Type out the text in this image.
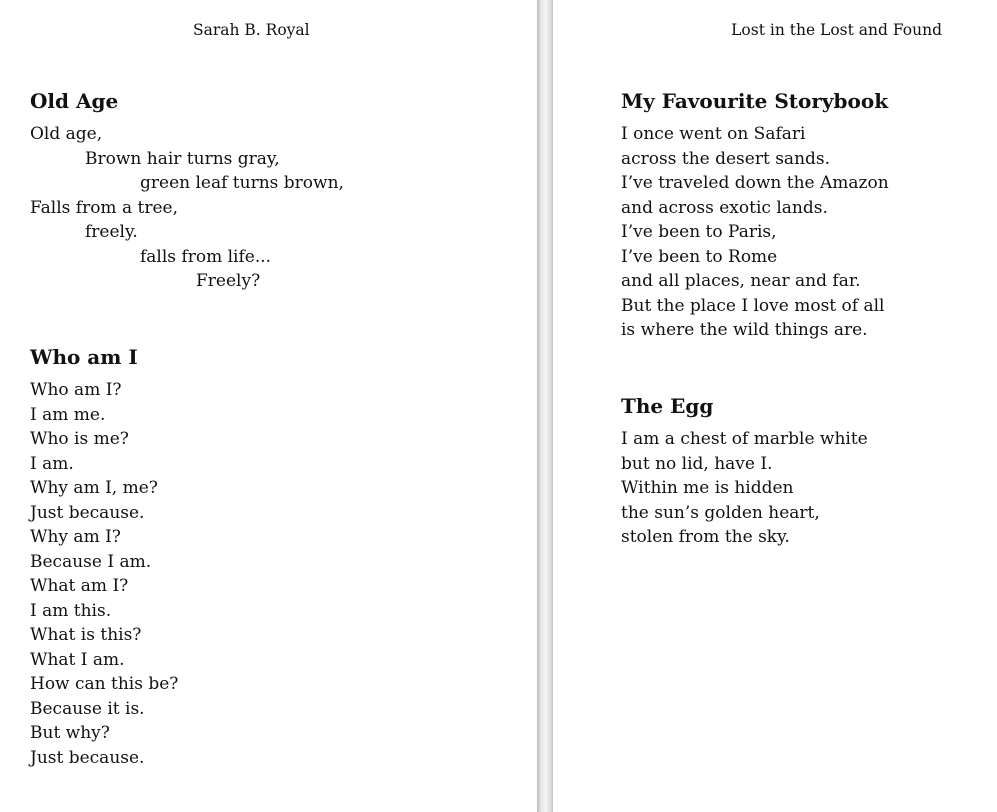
Sarah B. Royal
Old Age
Old age,
Brown hair turns gray,
green leaf turns brown,
Falls from a tree,
freely.
falls from life...
Freely?
Who am I
Who am I?
I am me.
Who is me?
I am.
Why am I, me?
Just because.
Why am I?
Because I am.
What am I?
I am this.
What is this?
What I am.
How can this be?
Because it is.
But why?
Just because.
Lost in the Lost and Found
My Favourite Storybook
I once went on Safari
across the desert sands.
I’ve traveled down the Amazon
and across exotic lands.
I’ve been to Paris,
I’ve been to Rome
and all places, near and far.
But the place I love most of all
is where the wild things are.
The Egg
I am a chest of marble white
but no lid, have I.
Within me is hidden
the sun’s golden heart,
stolen from the sky.
